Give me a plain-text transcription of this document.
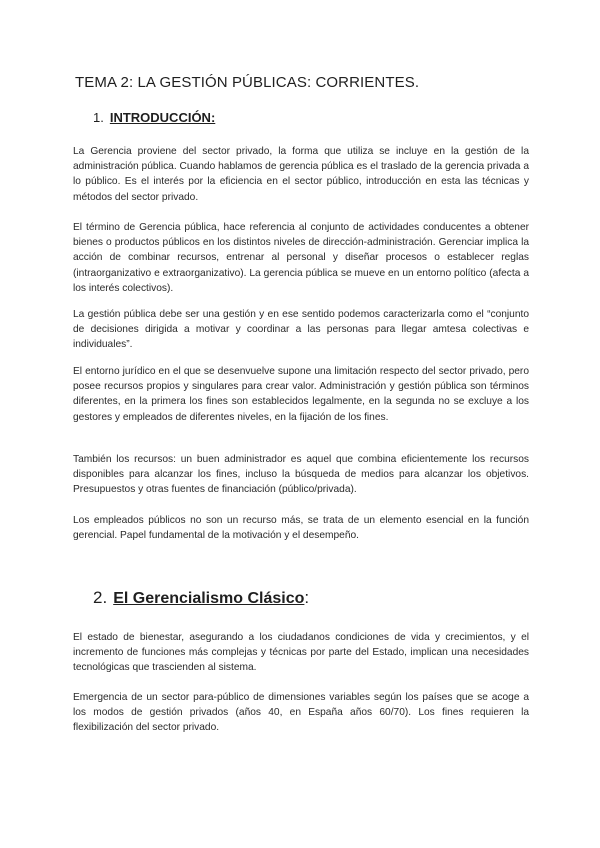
TEMA 2: LA GESTIÓN PÚBLICAS: CORRIENTES.
1. INTRODUCCIÓN:

La Gerencia proviene del sector privado, la forma que utiliza se incluye en la gestión de la administración pública. Cuando hablamos de gerencia pública es el traslado de la gerencia privada a lo público. Es el interés por la eficiencia en el sector público, introducción en esta las técnicas y métodos del sector privado.

El término de Gerencia pública, hace referencia al conjunto de actividades conducentes a obtener bienes o productos públicos en los distintos niveles de dirección-administración. Gerenciar implica la acción de combinar recursos, entrenar al personal y diseñar procesos o establecer reglas (intraorganizativo e extraorganizativo). La gerencia pública se mueve en un entorno político (afecta a los interés colectivos).

La gestión pública debe ser una gestión y en ese sentido podemos caracterizarla como el “conjunto de decisiones dirigida a motivar y coordinar a las personas para llegar amtesa colectivas e individuales”.

El entorno jurídico en el que se desenvuelve supone una limitación respecto del sector privado, pero posee recursos propios y singulares para crear valor. Administración y gestión pública son términos diferentes, en la primera los fines son establecidos legalmente, en la segunda no se excluye a los gestores y empleados de diferentes niveles, en la fijación de los fines.

También los recursos: un buen administrador es aquel que combina eficientemente los recursos disponibles para alcanzar los fines, incluso la búsqueda de medios para alcanzar los objetivos. Presupuestos y otras fuentes de financiación (público/privada).

Los empleados públicos no son un recurso más, se trata de un elemento esencial en la función gerencial. Papel fundamental de la motivación y el desempeño.

2. El Gerencialismo Clásico:

El estado de bienestar, asegurando a los ciudadanos condiciones de vida y crecimientos, y el incremento de funciones más complejas y técnicas por parte del Estado, implican una necesidades tecnológicas que trascienden al sistema.

Emergencia de un sector para-público de dimensiones variables según los países que se acoge a los modos de gestión privados (años 40, en España años 60/70). Los fines requieren la flexibilización del sector privado.
